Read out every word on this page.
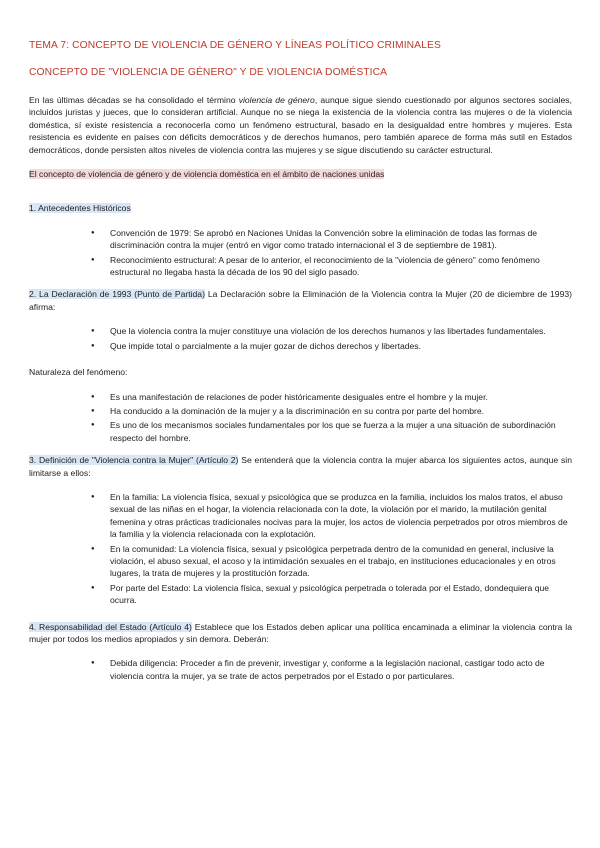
TEMA 7: CONCEPTO DE VIOLENCIA DE GÉNERO Y LÍNEAS POLÍTICO CRIMINALES
CONCEPTO DE "VIOLENCIA DE GÉNERO" Y DE VIOLENCIA DOMÉSTICA

En las últimas décadas se ha consolidado el término violencia de género, aunque sigue siendo cuestionado por algunos sectores sociales, incluidos juristas y jueces, que lo consideran artificial. Aunque no se niega la existencia de la violencia contra las mujeres o de la violencia doméstica, sí existe resistencia a reconocerla como un fenómeno estructural, basado en la desigualdad entre hombres y mujeres. Esta resistencia es evidente en países con déficits democráticos y de derechos humanos, pero también aparece de forma más sutil en Estados democráticos, donde persisten altos niveles de violencia contra las mujeres y se sigue discutiendo su carácter estructural.

El concepto de violencia de género y de violencia doméstica en el ámbito de naciones unidas

1. Antecedentes Históricos

● Convención de 1979: Se aprobó en Naciones Unidas la Convención sobre la eliminación de todas las formas de discriminación contra la mujer (entró en vigor como tratado internacional el 3 de septiembre de 1981).
● Reconocimiento estructural: A pesar de lo anterior, el reconocimiento de la "violencia de género" como fenómeno estructural no llegaba hasta la década de los 90 del siglo pasado.

2. La Declaración de 1993 (Punto de Partida) La Declaración sobre la Eliminación de la Violencia contra la Mujer (20 de diciembre de 1993) afirma:

● Que la violencia contra la mujer constituye una violación de los derechos humanos y las libertades fundamentales.
● Que impide total o parcialmente a la mujer gozar de dichos derechos y libertades.

Naturaleza del fenómeno:

● Es una manifestación de relaciones de poder históricamente desiguales entre el hombre y la mujer.
● Ha conducido a la dominación de la mujer y a la discriminación en su contra por parte del hombre.
● Es uno de los mecanismos sociales fundamentales por los que se fuerza a la mujer a una situación de subordinación respecto del hombre.

3. Definición de "Violencia contra la Mujer" (Artículo 2) Se entenderá que la violencia contra la mujer abarca los siguientes actos, aunque sin limitarse a ellos:

● En la familia: La violencia física, sexual y psicológica que se produzca en la familia, incluidos los malos tratos, el abuso sexual de las niñas en el hogar, la violencia relacionada con la dote, la violación por el marido, la mutilación genital femenina y otras prácticas tradicionales nocivas para la mujer, los actos de violencia perpetrados por otros miembros de la familia y la violencia relacionada con la explotación.
● En la comunidad: La violencia física, sexual y psicológica perpetrada dentro de la comunidad en general, inclusive la violación, el abuso sexual, el acoso y la intimidación sexuales en el trabajo, en instituciones educacionales y en otros lugares, la trata de mujeres y la prostitución forzada.
● Por parte del Estado: La violencia física, sexual y psicológica perpetrada o tolerada por el Estado, dondequiera que ocurra.

4. Responsabilidad del Estado (Artículo 4) Establece que los Estados deben aplicar una política encaminada a eliminar la violencia contra la mujer por todos los medios apropiados y sin demora. Deberán:

● Debida diligencia: Proceder a fin de prevenir, investigar y, conforme a la legislación nacional, castigar todo acto de violencia contra la mujer, ya se trate de actos perpetrados por el Estado o por particulares.
